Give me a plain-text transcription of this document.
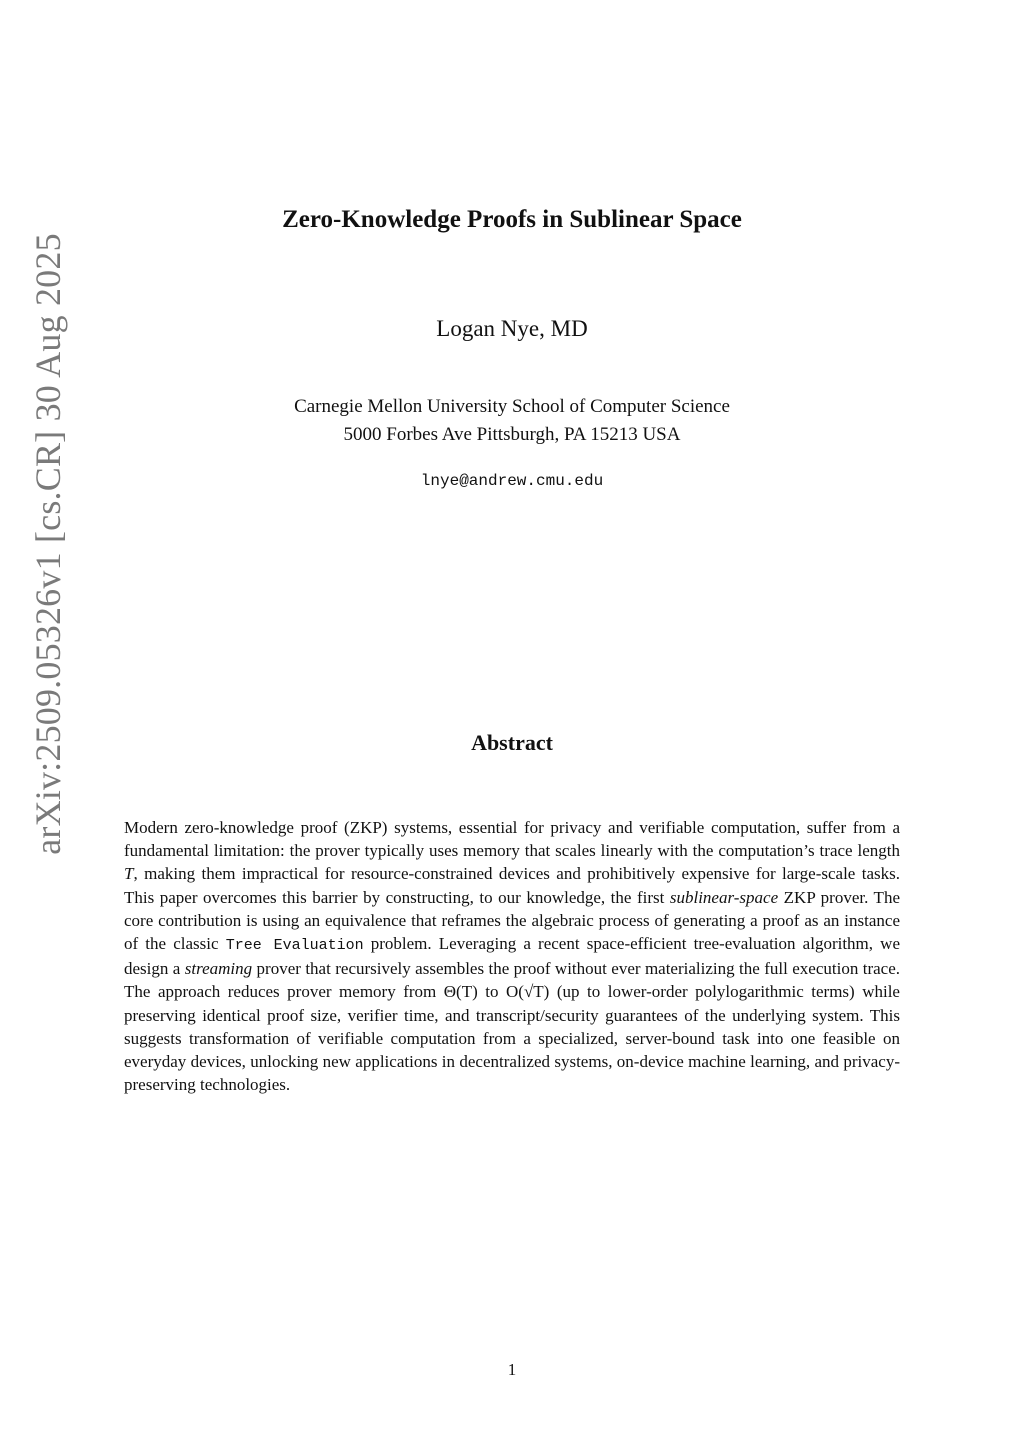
arXiv:2509.05326v1 [cs.CR] 30 Aug 2025
Zero-Knowledge Proofs in Sublinear Space
Logan Nye, MD
Carnegie Mellon University School of Computer Science
5000 Forbes Ave Pittsburgh, PA 15213 USA
lnye@andrew.cmu.edu
Abstract
Modern zero-knowledge proof (ZKP) systems, essential for privacy and verifiable computation, suffer from a fundamental limitation: the prover typically uses memory that scales linearly with the computation’s trace length T, making them impractical for resource-constrained devices and prohibitively expensive for large-scale tasks. This paper overcomes this barrier by constructing, to our knowledge, the first sublinear-space ZKP prover. The core contribution is using an equivalence that reframes the algebraic process of generating a proof as an instance of the classic Tree Evaluation problem. Leveraging a recent space-efficient tree-evaluation algorithm, we design a streaming prover that recursively assembles the proof without ever materializing the full execution trace. The approach reduces prover memory from Θ(T) to O(√T) (up to lower-order polylogarithmic terms) while preserving identical proof size, verifier time, and transcript/security guarantees of the underlying system. This suggests transformation of verifiable computation from a specialized, server-bound task into one feasible on everyday devices, unlocking new applications in decentralized systems, on-device machine learning, and privacy-preserving technologies.
1
